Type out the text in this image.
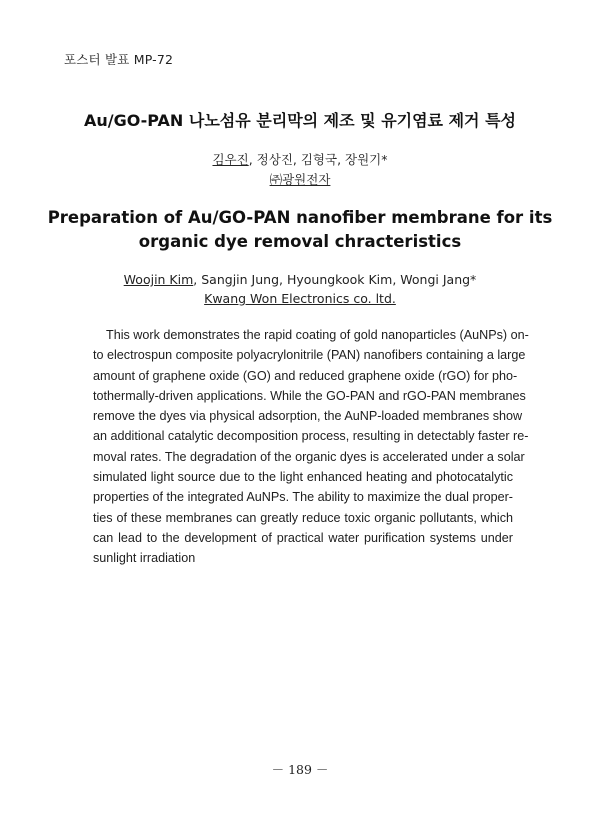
포스터 발표 MP-72
Au/GO-PAN 나노섬유 분리막의 제조 및 유기염료 제거 특성
김우진, 정상진, 김형국, 장원기*
㈜광원전자
Preparation of Au/GO-PAN nanofiber membrane for its
organic dye removal chracteristics
Woojin Kim, Sangjin Jung, Hyoungkook Kim, Wongi Jang*
Kwang Won Electronics co. ltd.
This work demonstrates the rapid coating of gold nanoparticles (AuNPs) on-
to electrospun composite polyacrylonitrile (PAN) nanofibers containing a large
amount of graphene oxide (GO) and reduced graphene oxide (rGO) for pho-
tothermally-driven applications. While the GO-PAN and rGO-PAN membranes
remove the dyes via physical adsorption, the AuNP-loaded membranes show
an additional catalytic decomposition process, resulting in detectably faster re-
moval rates. The degradation of the organic dyes is accelerated under a solar
simulated light source due to the light enhanced heating and photocatalytic
properties of the integrated AuNPs. The ability to maximize the dual proper-
ties of these membranes can greatly reduce toxic organic pollutants, which
can lead to the development of practical water purification systems under
sunlight irradiation
－ 189 －
